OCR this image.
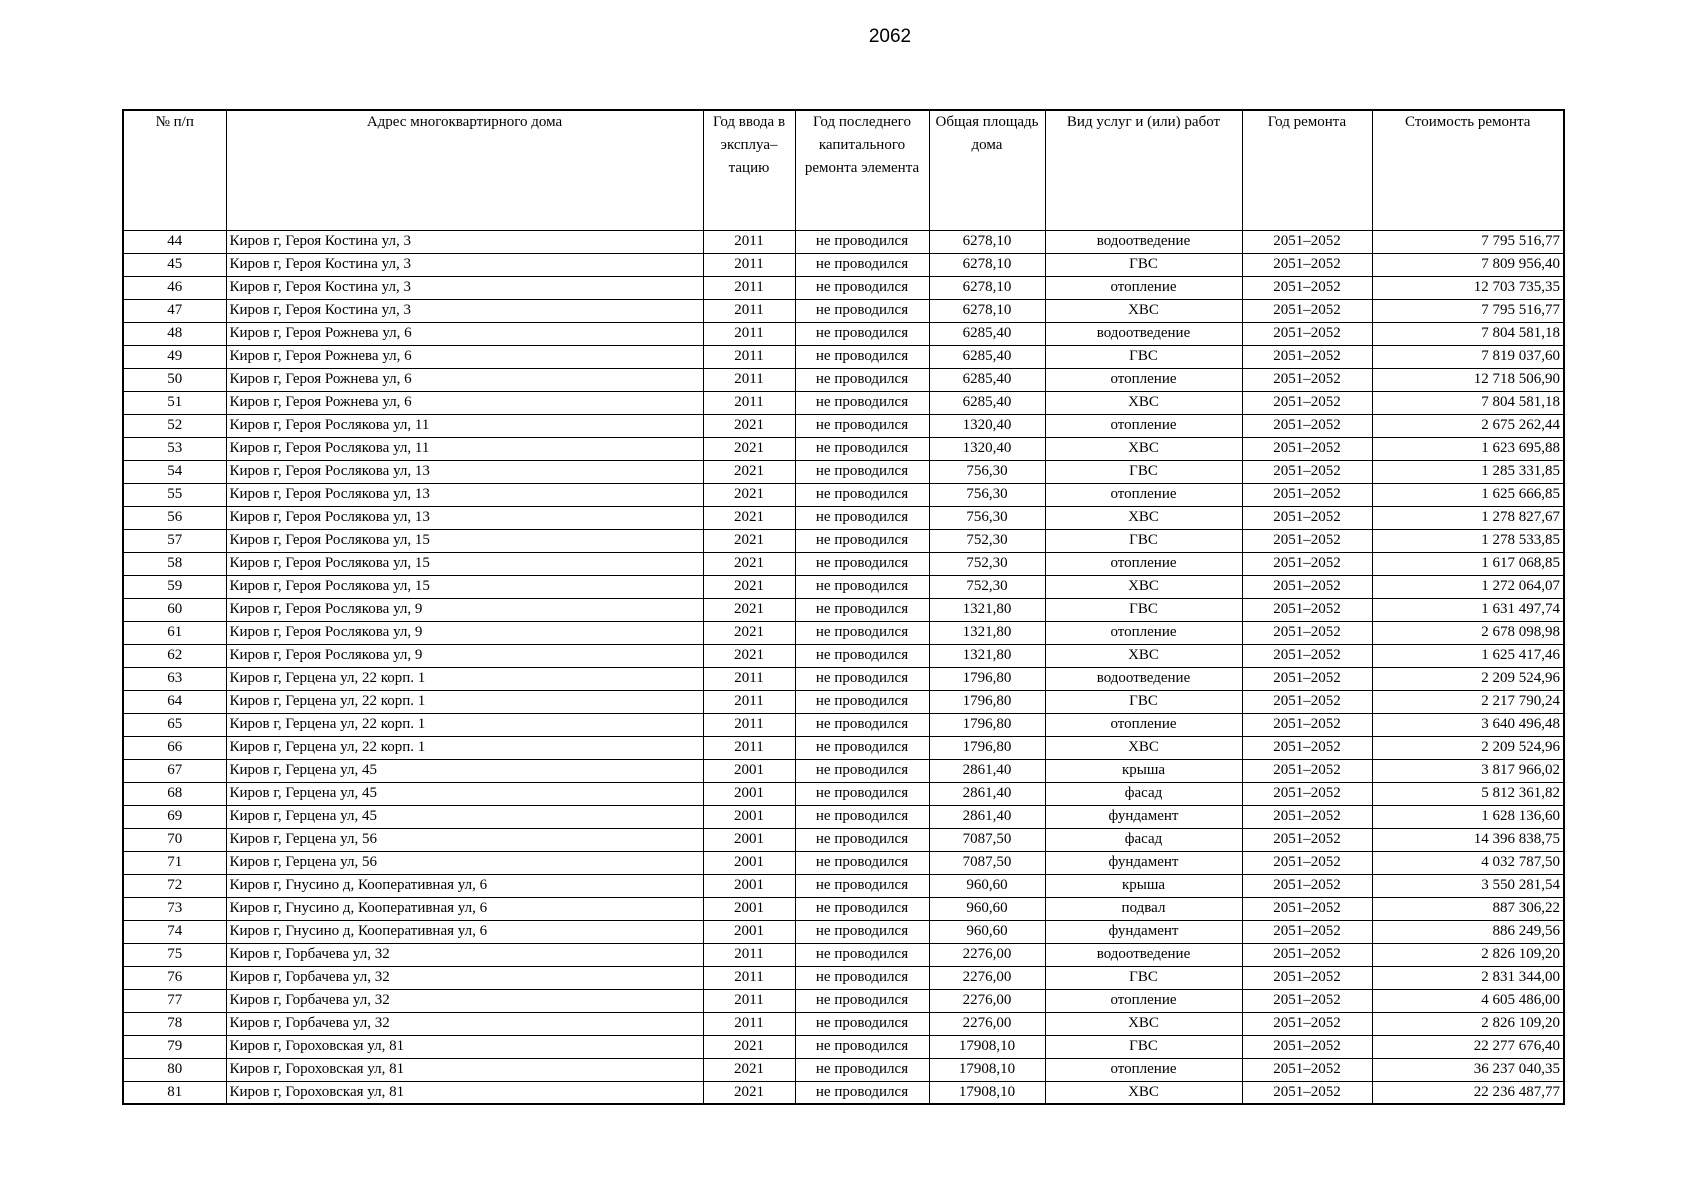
2062
№ п/п	Адрес многоквартирного дома	Год ввода в эксплуа–тацию	Год последнего капитального ремонта элемента	Общая площадь дома	Вид услуг и (или) работ	Год ремонта	Стоимость ремонта
44	Киров г, Героя Костина ул, 3	2011	не проводился	6278,10	водоотведение	2051–2052	7 795 516,77
45	Киров г, Героя Костина ул, 3	2011	не проводился	6278,10	ГВС	2051–2052	7 809 956,40
46	Киров г, Героя Костина ул, 3	2011	не проводился	6278,10	отопление	2051–2052	12 703 735,35
47	Киров г, Героя Костина ул, 3	2011	не проводился	6278,10	ХВС	2051–2052	7 795 516,77
48	Киров г, Героя Рожнева ул, 6	2011	не проводился	6285,40	водоотведение	2051–2052	7 804 581,18
49	Киров г, Героя Рожнева ул, 6	2011	не проводился	6285,40	ГВС	2051–2052	7 819 037,60
50	Киров г, Героя Рожнева ул, 6	2011	не проводился	6285,40	отопление	2051–2052	12 718 506,90
51	Киров г, Героя Рожнева ул, 6	2011	не проводился	6285,40	ХВС	2051–2052	7 804 581,18
52	Киров г, Героя Рослякова ул, 11	2021	не проводился	1320,40	отопление	2051–2052	2 675 262,44
53	Киров г, Героя Рослякова ул, 11	2021	не проводился	1320,40	ХВС	2051–2052	1 623 695,88
54	Киров г, Героя Рослякова ул, 13	2021	не проводился	756,30	ГВС	2051–2052	1 285 331,85
55	Киров г, Героя Рослякова ул, 13	2021	не проводился	756,30	отопление	2051–2052	1 625 666,85
56	Киров г, Героя Рослякова ул, 13	2021	не проводился	756,30	ХВС	2051–2052	1 278 827,67
57	Киров г, Героя Рослякова ул, 15	2021	не проводился	752,30	ГВС	2051–2052	1 278 533,85
58	Киров г, Героя Рослякова ул, 15	2021	не проводился	752,30	отопление	2051–2052	1 617 068,85
59	Киров г, Героя Рослякова ул, 15	2021	не проводился	752,30	ХВС	2051–2052	1 272 064,07
60	Киров г, Героя Рослякова ул, 9	2021	не проводился	1321,80	ГВС	2051–2052	1 631 497,74
61	Киров г, Героя Рослякова ул, 9	2021	не проводился	1321,80	отопление	2051–2052	2 678 098,98
62	Киров г, Героя Рослякова ул, 9	2021	не проводился	1321,80	ХВС	2051–2052	1 625 417,46
63	Киров г, Герцена ул, 22 корп. 1	2011	не проводился	1796,80	водоотведение	2051–2052	2 209 524,96
64	Киров г, Герцена ул, 22 корп. 1	2011	не проводился	1796,80	ГВС	2051–2052	2 217 790,24
65	Киров г, Герцена ул, 22 корп. 1	2011	не проводился	1796,80	отопление	2051–2052	3 640 496,48
66	Киров г, Герцена ул, 22 корп. 1	2011	не проводился	1796,80	ХВС	2051–2052	2 209 524,96
67	Киров г, Герцена ул, 45	2001	не проводился	2861,40	крыша	2051–2052	3 817 966,02
68	Киров г, Герцена ул, 45	2001	не проводился	2861,40	фасад	2051–2052	5 812 361,82
69	Киров г, Герцена ул, 45	2001	не проводился	2861,40	фундамент	2051–2052	1 628 136,60
70	Киров г, Герцена ул, 56	2001	не проводился	7087,50	фасад	2051–2052	14 396 838,75
71	Киров г, Герцена ул, 56	2001	не проводился	7087,50	фундамент	2051–2052	4 032 787,50
72	Киров г, Гнусино д, Кооперативная ул, 6	2001	не проводился	960,60	крыша	2051–2052	3 550 281,54
73	Киров г, Гнусино д, Кооперативная ул, 6	2001	не проводился	960,60	подвал	2051–2052	887 306,22
74	Киров г, Гнусино д, Кооперативная ул, 6	2001	не проводился	960,60	фундамент	2051–2052	886 249,56
75	Киров г, Горбачева ул, 32	2011	не проводился	2276,00	водоотведение	2051–2052	2 826 109,20
76	Киров г, Горбачева ул, 32	2011	не проводился	2276,00	ГВС	2051–2052	2 831 344,00
77	Киров г, Горбачева ул, 32	2011	не проводился	2276,00	отопление	2051–2052	4 605 486,00
78	Киров г, Горбачева ул, 32	2011	не проводился	2276,00	ХВС	2051–2052	2 826 109,20
79	Киров г, Гороховская ул, 81	2021	не проводился	17908,10	ГВС	2051–2052	22 277 676,40
80	Киров г, Гороховская ул, 81	2021	не проводился	17908,10	отопление	2051–2052	36 237 040,35
81	Киров г, Гороховская ул, 81	2021	не проводился	17908,10	ХВС	2051–2052	22 236 487,77
